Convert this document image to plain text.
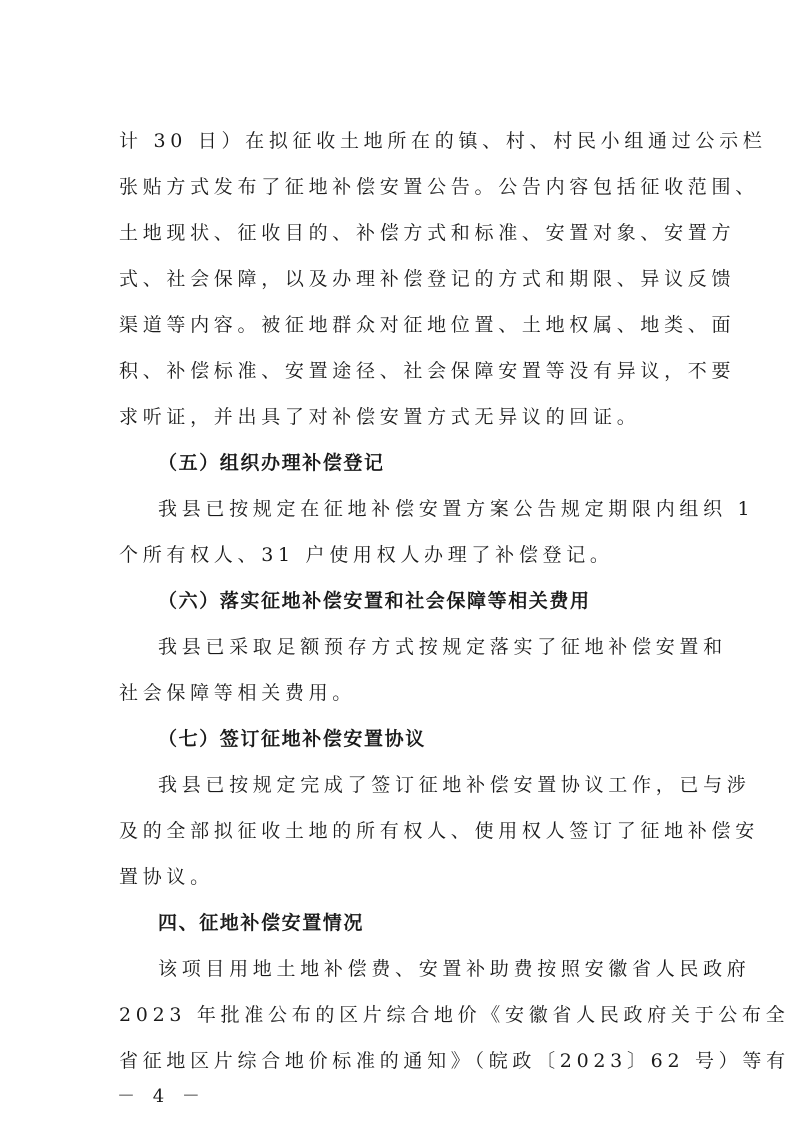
计 30 日）在拟征收土地所在的镇、村、村民小组通过公示栏
张贴方式发布了征地补偿安置公告。公告内容包括征收范围、
土地现状、征收目的、补偿方式和标准、安置对象、安置方
式、社会保障，以及办理补偿登记的方式和期限、异议反馈
渠道等内容。被征地群众对征地位置、土地权属、地类、面
积、补偿标准、安置途径、社会保障安置等没有异议，不要
求听证，并出具了对补偿安置方式无异议的回证。
（五）组织办理补偿登记
我县已按规定在征地补偿安置方案公告规定期限内组织 1
个所有权人、31 户使用权人办理了补偿登记。
（六）落实征地补偿安置和社会保障等相关费用
我县已采取足额预存方式按规定落实了征地补偿安置和
社会保障等相关费用。
（七）签订征地补偿安置协议
我县已按规定完成了签订征地补偿安置协议工作，已与涉
及的全部拟征收土地的所有权人、使用权人签订了征地补偿安
置协议。
四、征地补偿安置情况
该项目用地土地补偿费、安置补助费按照安徽省人民政府
2023 年批准公布的区片综合地价《安徽省人民政府关于公布全
省征地区片综合地价标准的通知》（皖政〔2023〕62 号）等有
－ 4 －
